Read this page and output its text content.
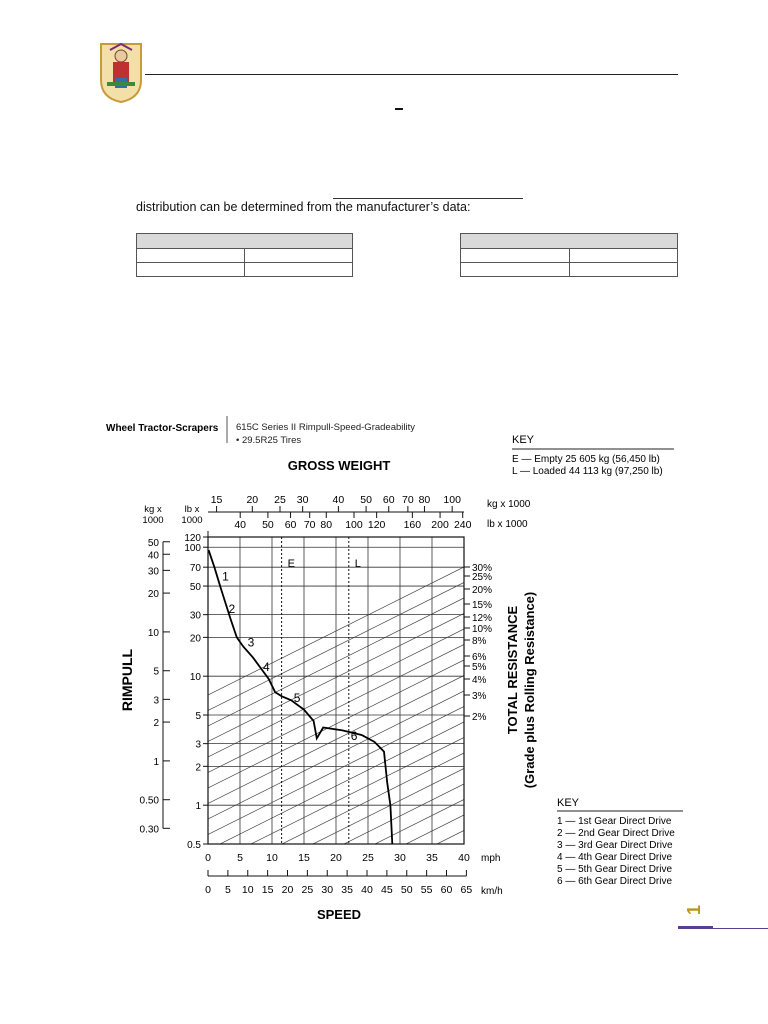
distribution can be determined from the manufacturer’s data:

Wheel Tractor-Scrapers 615C Series II Rimpull-Speed-Gradeability
• 29.5R25 Tires	KEY
E — Empty 25 605 kg (56,450 lb)
L — Loaded 44 113 kg (97,250 lb)
GROSS WEIGHT
15 20 25 30 40 50 60 70 80 100
40 50 60 70 80 100 120 160 200 240
kg x 1000
lb x 1000
kg x 1000
lb x 1000
RIMPULL	TOTAL RESISTANCE (Grade plus Rolling Resistance)
E	L
1
2
3
4
5
6
50
40
30
20
10
5
3
2
1
0.50
0.30
120
100
70
50
30
20
10
5
3
2
1
0.5
30%
25%
20%
15%
12%
10%
8%
6%
5%
4%
3%
2%
0 5 10 15 20 25 30 35 40
0 5 10 15 20 25 30 35 40 45 50 55 60 65
mph
km/h
SPEED
KEY
1 — 1st Gear Direct Drive
2 — 2nd Gear Direct Drive
3 — 3rd Gear Direct Drive
4 — 4th Gear Direct Drive
5 — 5th Gear Direct Drive
6 — 6th Gear Direct Drive
1
